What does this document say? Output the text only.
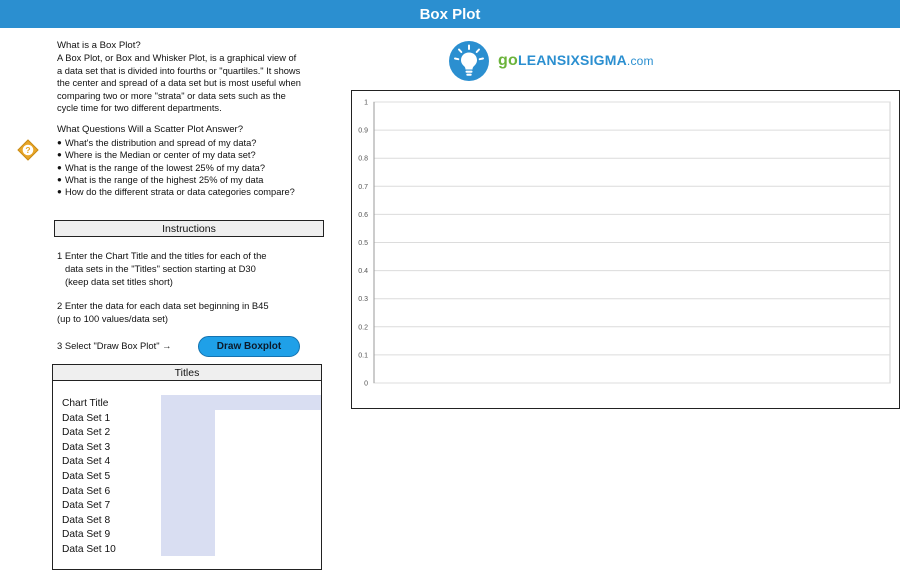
Box Plot

What is a Box Plot?

A Box Plot, or Box and Whisker Plot, is a graphical view of
a data set that is divided into fourths or "quartiles." It shows
the center and spread of a data set but is most useful when
comparing two or more "strata" or data sets such as the
cycle time for two different departments.

What Questions Will a Scatter Plot Answer?

● What's the distribution and spread of my data?
● Where is the Median or center of my data set?
● What is the range of the lowest 25% of my data?
● What is the range of the highest 25% of my data
● How do the different strata or data categories compare?
?
Instructions
1 Enter the Chart Title and the titles for each of the
data sets in the "Titles" section starting at D30
(keep data set titles short)
2 Enter the data for each data set beginning in B45
(up to 100 values/data set)
3 Select "Draw Box Plot" →	Draw Boxplot
Titles
Chart Title
Data Set 1
Data Set 2
Data Set 3
Data Set 4
Data Set 5
Data Set 6
Data Set 7
Data Set 8
Data Set 9
Data Set 10
goLEANSIXSIGMA.com
0
0.1
0.2
0.3
0.4
0.5
0.6
0.7
0.8
0.9
1
